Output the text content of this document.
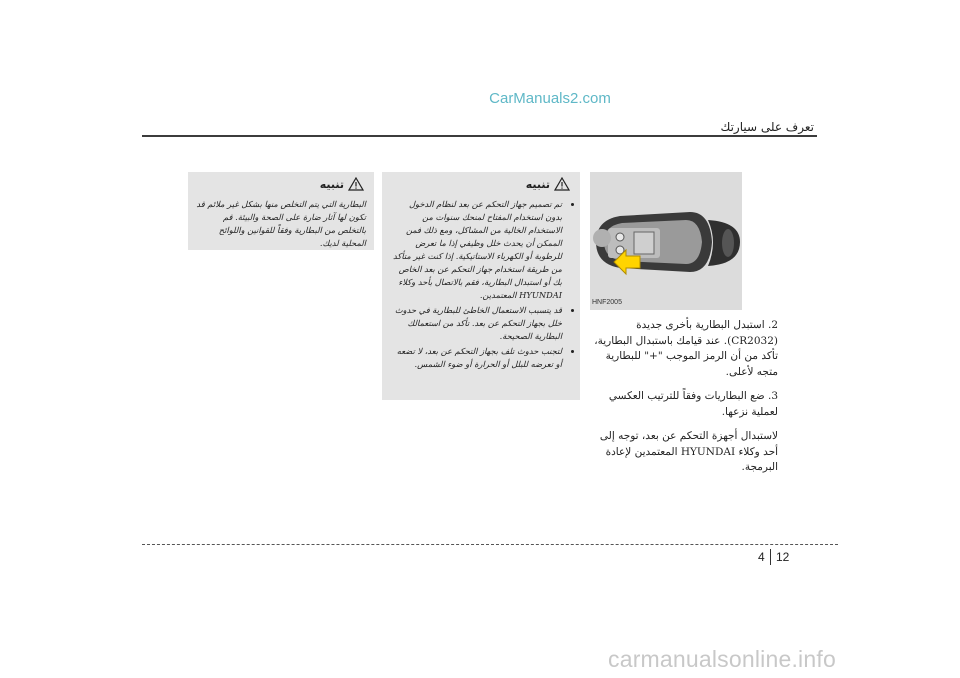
CarManuals2.com
تعرف على سيارتك
HNF2005

2. استبدل البطارية بأخرى جديدة (CR2032). عند قيامك باستبدال البطارية، تأكد من أن الرمز الموجب "+" للبطارية متجه لأعلى.

3. ضع البطاريات وفقاً للترتيب العكسي لعملية نزعها.

لاستبدال أجهزة التحكم عن بعد، توجه إلى أحد وكلاء HYUNDAI المعتمدين لإعادة البرمجة.

تنبيه
• تم تصميم جهاز التحكم عن بعد لنظام الدخول بدون استخدام المفتاح لمنحك سنوات من الاستخدام الخالية من المشاكل، ومع ذلك فمن الممكن أن يحدث خلل وظيفي إذا ما تعرض للرطوبة أو الكهرباء الاستاتيكية. إذا كنت غير متأكد من طريقة استخدام جهاز التحكم عن بعد الخاص بك أو استبدال البطارية، فقم بالاتصال بأحد وكلاء HYUNDAI المعتمدين.
• قد يتسبب الاستعمال الخاطئ للبطارية في حدوث خلل بجهاز التحكم عن بعد. تأكد من استعمالك البطارية الصحيحة.
• لتجنب حدوث تلف بجهاز التحكم عن بعد، لا تضعه أو تعرضه للبلل أو الحرارة أو ضوء الشمس.
تنبيه
البطارية التي يتم التخلص منها بشكل غير ملائم قد تكون لها آثار ضارة على الصحة والبيئة. قم بالتخلص من البطارية وفقاً للقوانين واللوائح المحلية لديك.
4 12
carmanualsonline.info
